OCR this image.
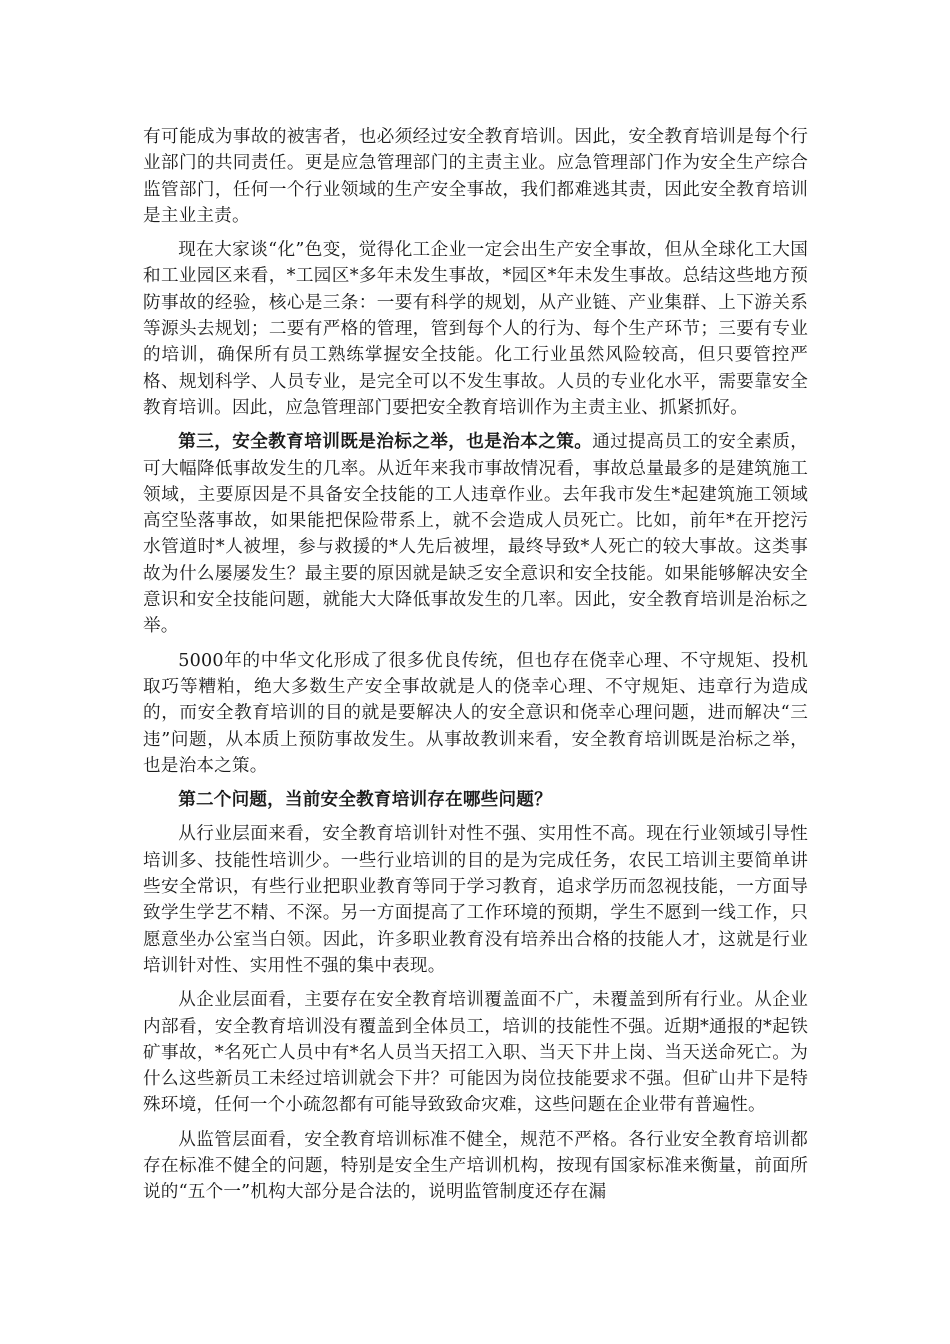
有可能成为事故的被害者，也必须经过安全教育培训。因此，安全教育培训是每个行业部门的共同责任。更是应急管理部门的主责主业。应急管理部门作为安全生产综合监管部门，任何一个行业领域的生产安全事故，我们都难逃其责，因此安全教育培训是主业主责。

现在大家谈“化”色变，觉得化工企业一定会出生产安全事故，但从全球化工大国和工业园区来看，*工园区*多年未发生事故，*园区*年未发生事故。总结这些地方预防事故的经验，核心是三条：一要有科学的规划，从产业链、产业集群、上下游关系等源头去规划；二要有严格的管理，管到每个人的行为、每个生产环节；三要有专业的培训，确保所有员工熟练掌握安全技能。化工行业虽然风险较高，但只要管控严格、规划科学、人员专业，是完全可以不发生事故。人员的专业化水平，需要靠安全教育培训。因此，应急管理部门要把安全教育培训作为主责主业、抓紧抓好。

第三，安全教育培训既是治标之举，也是治本之策。通过提高员工的安全素质，可大幅降低事故发生的几率。从近年来我市事故情况看，事故总量最多的是建筑施工领域，主要原因是不具备安全技能的工人违章作业。去年我市发生*起建筑施工领域高空坠落事故，如果能把保险带系上，就不会造成人员死亡。比如，前年*在开挖污水管道时*人被埋，参与救援的*人先后被埋，最终导致*人死亡的较大事故。这类事故为什么屡屡发生？最主要的原因就是缺乏安全意识和安全技能。如果能够解决安全意识和安全技能问题，就能大大降低事故发生的几率。因此，安全教育培训是治标之举。

5000年的中华文化形成了很多优良传统，但也存在侥幸心理、不守规矩、投机取巧等糟粕，绝大多数生产安全事故就是人的侥幸心理、不守规矩、违章行为造成的，而安全教育培训的目的就是要解决人的安全意识和侥幸心理问题，进而解决“三违”问题，从本质上预防事故发生。从事故教训来看，安全教育培训既是治标之举，也是治本之策。

第二个问题，当前安全教育培训存在哪些问题？

从行业层面来看，安全教育培训针对性不强、实用性不高。现在行业领域引导性培训多、技能性培训少。一些行业培训的目的是为完成任务，农民工培训主要简单讲些安全常识，有些行业把职业教育等同于学习教育，追求学历而忽视技能，一方面导致学生学艺不精、不深。另一方面提高了工作环境的预期，学生不愿到一线工作，只愿意坐办公室当白领。因此，许多职业教育没有培养出合格的技能人才，这就是行业培训针对性、实用性不强的集中表现。

从企业层面看，主要存在安全教育培训覆盖面不广，未覆盖到所有行业。从企业内部看，安全教育培训没有覆盖到全体员工，培训的技能性不强。近期*通报的*起铁矿事故，*名死亡人员中有*名人员当天招工入职、当天下井上岗、当天送命死亡。为什么这些新员工未经过培训就会下井？可能因为岗位技能要求不强。但矿山井下是特殊环境，任何一个小疏忽都有可能导致致命灾难，这些问题在企业带有普遍性。

从监管层面看，安全教育培训标准不健全，规范不严格。各行业安全教育培训都存在标准不健全的问题，特别是安全生产培训机构，按现有国家标准来衡量，前面所说的“五个一”机构大部分是合法的，说明监管制度还存在漏
